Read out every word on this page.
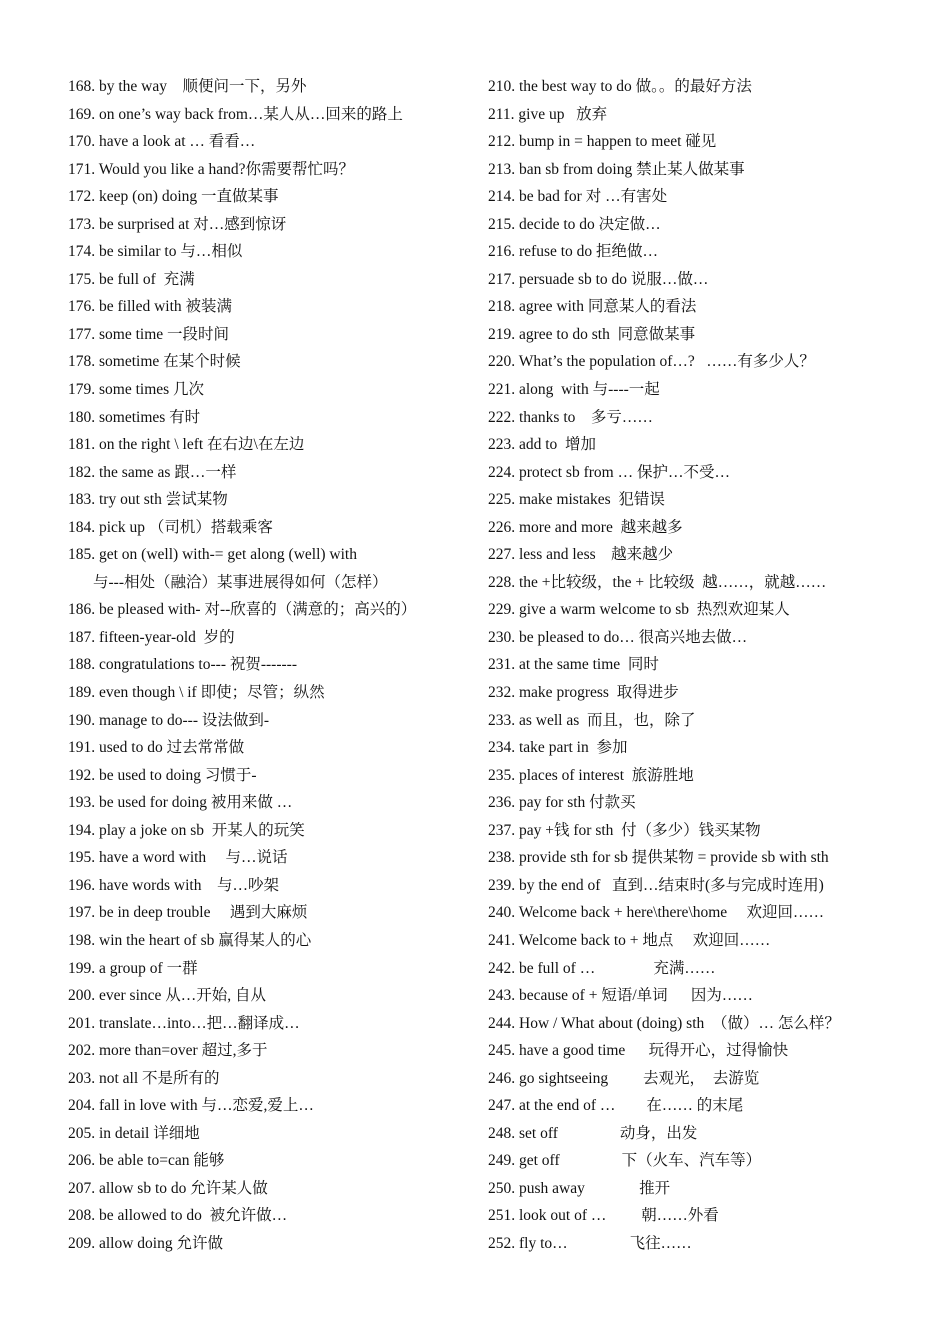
168. by the way    顺便问一下，另外
169. on one’s way back from…某人从…回来的路上
170. have a look at … 看看…
171. Would you like a hand?你需要帮忙吗？
172. keep (on) doing 一直做某事
173. be surprised at 对…感到惊讶
174. be similar to 与…相似
175. be full of  充满
176. be filled with 被装满
177. some time 一段时间
178. sometime 在某个时候
179. some times 几次
180. sometimes 有时
181. on the right \ left 在右边\在左边
182. the same as 跟…一样
183. try out sth 尝试某物
184. pick up （司机）搭载乘客
185. get on (well) with-= get along (well) with
与---相处（融洽）某事进展得如何（怎样）
186. be pleased with- 对--欣喜的（满意的；高兴的）
187. fifteen-year-old  岁的
188. congratulations to--- 祝贺-------
189. even though \ if 即使；尽管；纵然
190. manage to do--- 设法做到-
191. used to do 过去常常做
192. be used to doing 习惯于-
193. be used for doing 被用来做 …
194. play a joke on sb  开某人的玩笑
195. have a word with     与…说话
196. have words with    与…吵架
197. be in deep trouble     遇到大麻烦
198. win the heart of sb 赢得某人的心
199. a group of 一群
200. ever since 从…开始, 自从
201. translate…into…把…翻译成…
202. more than=over 超过,多于
203. not all 不是所有的
204. fall in love with 与…恋爱,爱上…
205. in detail 详细地
206. be able to=can 能够
207. allow sb to do 允许某人做
208. be allowed to do  被允许做…
209. allow doing 允许做
210. the best way to do 做。。的最好方法
211. give up   放弃
212. bump in = happen to meet 碰见
213. ban sb from doing 禁止某人做某事
214. be bad for 对 …有害处
215. decide to do 决定做…
216. refuse to do 拒绝做…
217. persuade sb to do 说服…做…
218. agree with 同意某人的看法
219. agree to do sth  同意做某事
220. What’s the population of…?   ……有多少人？
221. along  with 与----一起
222. thanks to    多亏……
223. add to  增加
224. protect sb from … 保护…不受…
225. make mistakes  犯错误
226. more and more  越来越多
227. less and less    越来越少
228. the +比较级，the + 比较级  越……，就越……
229. give a warm welcome to sb  热烈欢迎某人
230. be pleased to do… 很高兴地去做…
231. at the same time  同时
232. make progress  取得进步
233. as well as  而且，也，除了
234. take part in  参加
235. places of interest  旅游胜地
236. pay for sth 付款买
237. pay +钱 for sth  付（多少）钱买某物
238. provide sth for sb 提供某物 = provide sb with sth
239. by the end of   直到…结束时(多与完成时连用)
240. Welcome back + here\there\home     欢迎回……
241. Welcome back to + 地点     欢迎回……
242. be full of …               充满……
243. because of + 短语/单词      因为……
244. How / What about (doing) sth  （做）… 怎么样？
245. have a good time      玩得开心，过得愉快
246. go sightseeing         去观光，  去游览
247. at the end of …        在…… 的末尾
248. set off                动身，出发
249. get off                下（火车、汽车等）
250. push away              推开
251. look out of …         朝……外看
252. fly to…                飞往……
